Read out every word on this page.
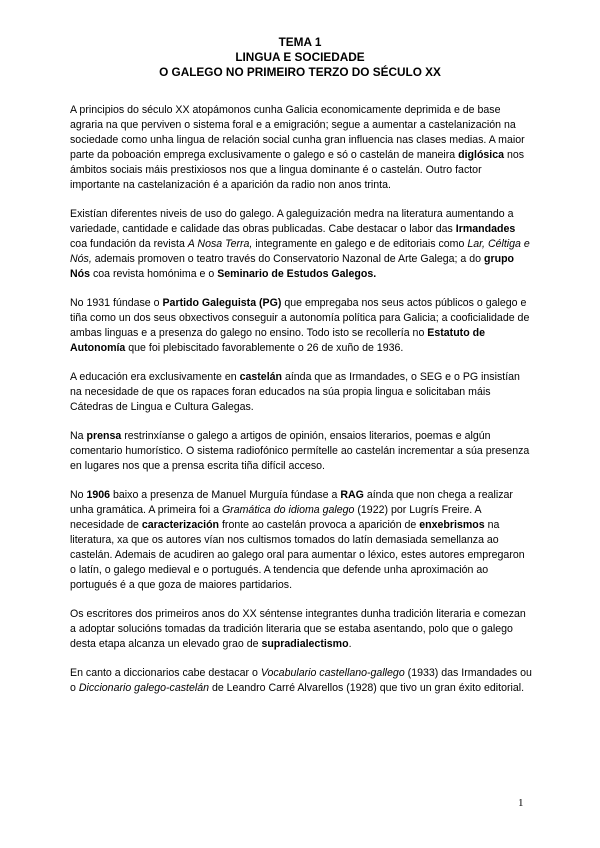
TEMA 1
LINGUA E SOCIEDADE
O GALEGO NO PRIMEIRO TERZO DO SÉCULO XX

A principios do século XX atopámonos cunha Galicia economicamente deprimida e de base agraria na que perviven o sistema foral e a emigración; segue a aumentar a castelanización na sociedade como unha lingua de relación social cunha gran influencia nas clases medias. A maior parte da poboación emprega exclusivamente o galego e só o castelán de maneira diglósica nos ámbitos sociais máis prestixiosos nos que a lingua dominante é o castelán. Outro factor importante na castelanización é a aparición da radio non anos trinta.

Existían diferentes niveis de uso do galego. A galeguización medra na literatura aumentando a variedade, cantidade e calidade das obras publicadas. Cabe destacar o labor das Irmandades coa fundación da revista A Nosa Terra, integramente en galego e de editoriais como Lar, Céltiga e Nós, ademais promoven o teatro través do Conservatorio Nazonal de Arte Galega; a do grupo Nós coa revista homónima e o Seminario de Estudos Galegos.

No 1931 fúndase o Partido Galeguista (PG) que empregaba nos seus actos públicos o galego e tiña como un dos seus obxectivos conseguir a autonomía política para Galicia; a cooficialidade de ambas linguas e a presenza do galego no ensino. Todo isto se recollería no Estatuto de Autonomía que foi plebiscitado favorablemente o 26 de xuño de 1936.

A educación era exclusivamente en castelán aínda que as Irmandades, o SEG e o PG insistían na necesidade de que os rapaces foran educados na súa propia lingua e solicitaban máis Cátedras de Lingua e Cultura Galegas.

Na prensa restrinxíanse o galego a artigos de opinión, ensaios literarios, poemas e algún comentario humorístico. O sistema radiofónico permítelle ao castelán incrementar a súa presenza en lugares nos que a prensa escrita tiña difícil acceso.

No 1906 baixo a presenza de Manuel Murguía fúndase a RAG aínda que non chega a realizar unha gramática. A primeira foi a Gramática do idioma galego (1922) por Lugrís Freire. A necesidade de caracterización fronte ao castelán provoca a aparición de enxebrismos na literatura, xa que os autores vían nos cultismos tomados do latín demasiada semellanza ao castelán. Ademais de acudiren ao galego oral para aumentar o léxico, estes autores empregaron o latín, o galego medieval e o portugués. A tendencia que defende unha aproximación ao portugués é a que goza de maiores partidarios.

Os escritores dos primeiros anos do XX séntense integrantes dunha tradición literaria e comezan a adoptar solucións tomadas da tradición literaria que se estaba asentando, polo que o galego desta etapa alcanza un elevado grao de supradialectismo.

En canto a diccionarios cabe destacar o Vocabulario castellano-gallego (1933) das Irmandades ou o Diccionario galego-castelán de Leandro Carré Alvarellos (1928) que tivo un gran éxito editorial.

1
